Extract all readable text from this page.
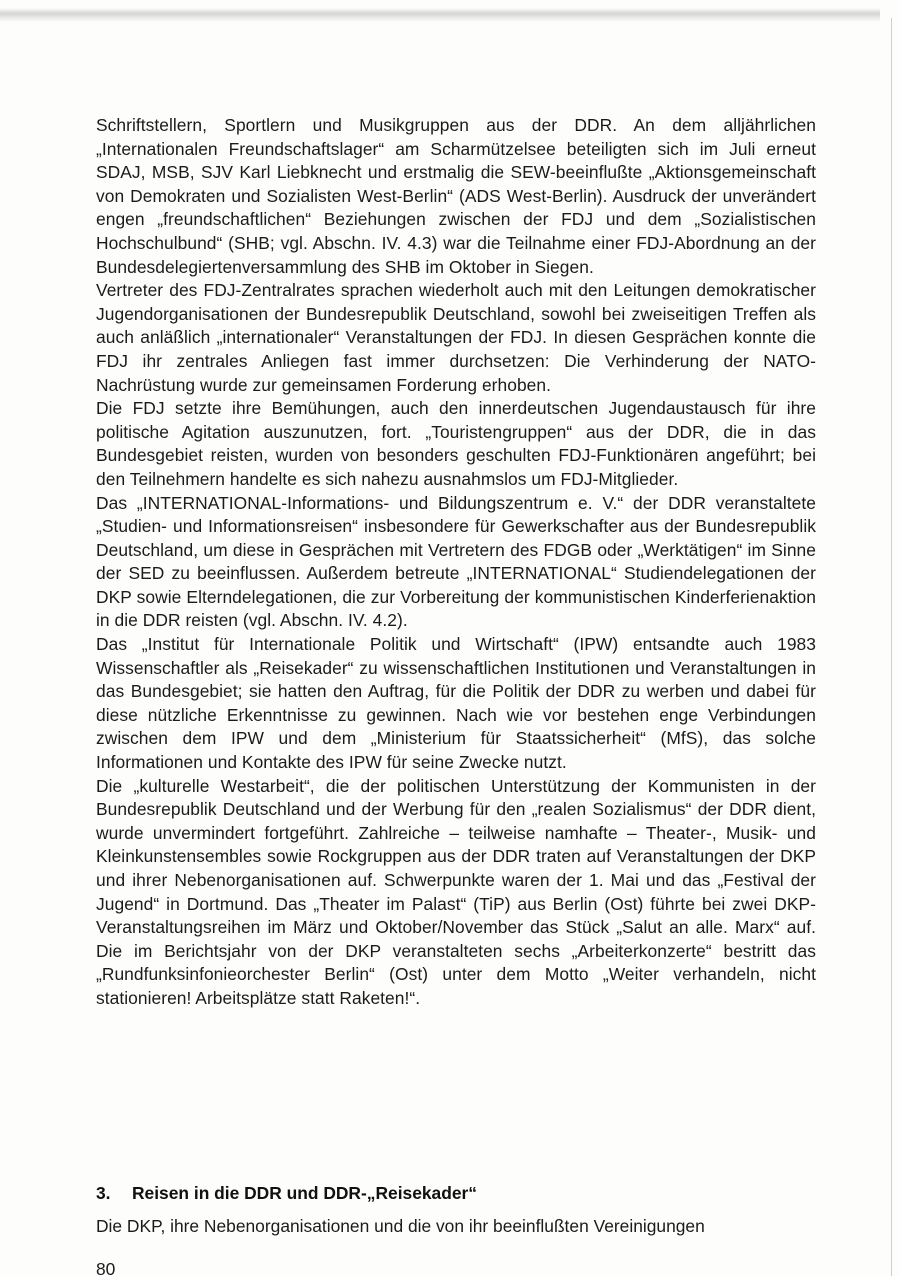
Schriftstellern, Sportlern und Musikgruppen aus der DDR. An dem alljährlichen „Internationalen Freundschaftslager“ am Scharmützelsee beteiligten sich im Juli erneut SDAJ, MSB, SJV Karl Liebknecht und erstmalig die SEW-beeinflußte „Aktionsgemeinschaft von Demokraten und Sozialisten West-Berlin“ (ADS West-Berlin). Ausdruck der unverändert engen „freundschaftlichen“ Beziehungen zwischen der FDJ und dem „Sozialistischen Hochschulbund“ (SHB; vgl. Abschn. IV. 4.3) war die Teilnahme einer FDJ-Abordnung an der Bundesdelegiertenversammlung des SHB im Oktober in Siegen.

Vertreter des FDJ-Zentralrates sprachen wiederholt auch mit den Leitungen demokratischer Jugendorganisationen der Bundesrepublik Deutschland, sowohl bei zweiseitigen Treffen als auch anläßlich „internationaler“ Veranstaltungen der FDJ. In diesen Gesprächen konnte die FDJ ihr zentrales Anliegen fast immer durchsetzen: Die Verhinderung der NATO-Nachrüstung wurde zur gemeinsamen Forderung erhoben.

Die FDJ setzte ihre Bemühungen, auch den innerdeutschen Jugendaustausch für ihre politische Agitation auszunutzen, fort. „Touristengruppen“ aus der DDR, die in das Bundesgebiet reisten, wurden von besonders geschulten FDJ-Funktionären angeführt; bei den Teilnehmern handelte es sich nahezu ausnahmslos um FDJ-Mitglieder.

Das „INTERNATIONAL-Informations- und Bildungszentrum e. V.“ der DDR veranstaltete „Studien- und Informationsreisen“ insbesondere für Gewerkschafter aus der Bundesrepublik Deutschland, um diese in Gesprächen mit Vertretern des FDGB oder „Werktätigen“ im Sinne der SED zu beeinflussen. Außerdem betreute „INTERNATIONAL“ Studiendelegationen der DKP sowie Elterndelegationen, die zur Vorbereitung der kommunistischen Kinderferienaktion in die DDR reisten (vgl. Abschn. IV. 4.2).

Das „Institut für Internationale Politik und Wirtschaft“ (IPW) entsandte auch 1983 Wissenschaftler als „Reisekader“ zu wissenschaftlichen Institutionen und Veranstaltungen in das Bundesgebiet; sie hatten den Auftrag, für die Politik der DDR zu werben und dabei für diese nützliche Erkenntnisse zu gewinnen. Nach wie vor bestehen enge Verbindungen zwischen dem IPW und dem „Ministerium für Staatssicherheit“ (MfS), das solche Informationen und Kontakte des IPW für seine Zwecke nutzt.

Die „kulturelle Westarbeit“, die der politischen Unterstützung der Kommunisten in der Bundesrepublik Deutschland und der Werbung für den „realen Sozialismus“ der DDR dient, wurde unvermindert fortgeführt. Zahlreiche – teilweise namhafte – Theater-, Musik- und Kleinkunstensembles sowie Rockgruppen aus der DDR traten auf Veranstaltungen der DKP und ihrer Nebenorganisationen auf. Schwerpunkte waren der 1. Mai und das „Festival der Jugend“ in Dortmund. Das „Theater im Palast“ (TiP) aus Berlin (Ost) führte bei zwei DKP-Veranstaltungsreihen im März und Oktober/November das Stück „Salut an alle. Marx“ auf. Die im Berichtsjahr von der DKP veranstalteten sechs „Arbeiterkonzerte“ bestritt das „Rundfunksinfonieorchester Berlin“ (Ost) unter dem Motto „Weiter verhandeln, nicht stationieren! Arbeitsplätze statt Raketen!“.

3. Reisen in die DDR und DDR-„Reisekader“
Die DKP, ihre Nebenorganisationen und die von ihr beeinflußten Vereinigungen
80
